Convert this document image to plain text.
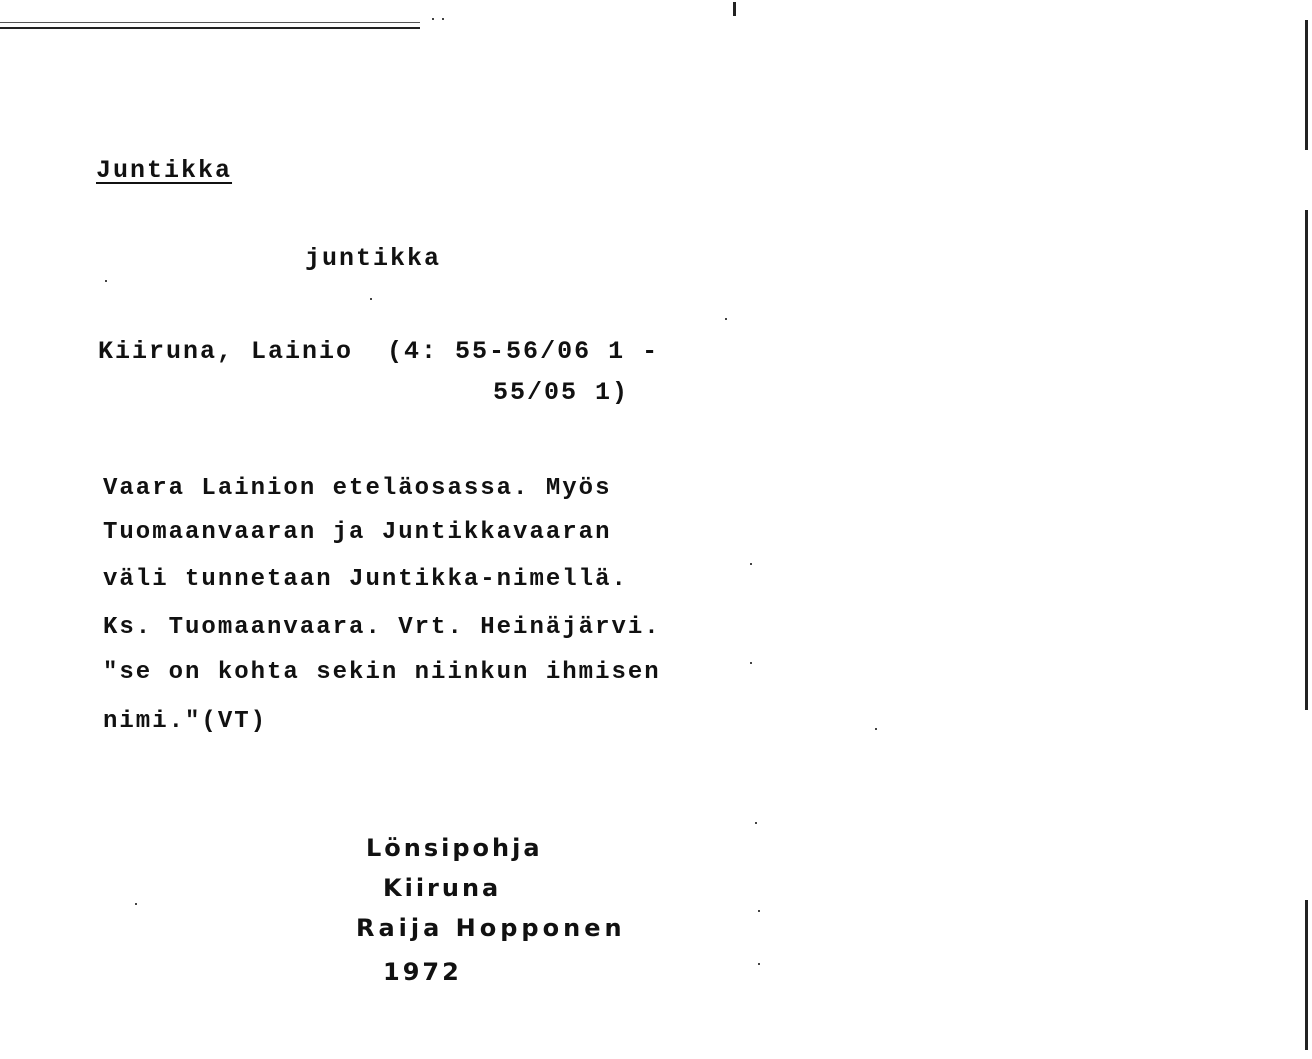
Juntikka
juntikka
Kiiruna, Lainio  (4: 55-56/06 1 -
55/05 1)
Vaara Lainion eteläosassa. Myös
Tuomaanvaaran ja Juntikkavaaran
väli tunnetaan Juntikka-nimellä.
Ks. Tuomaanvaara. Vrt. Heinäjärvi.
"se on kohta sekin niinkun ihmisen
nimi."(VT)
Lönsipohja
Kiiruna
Raija Hopponen
1972
